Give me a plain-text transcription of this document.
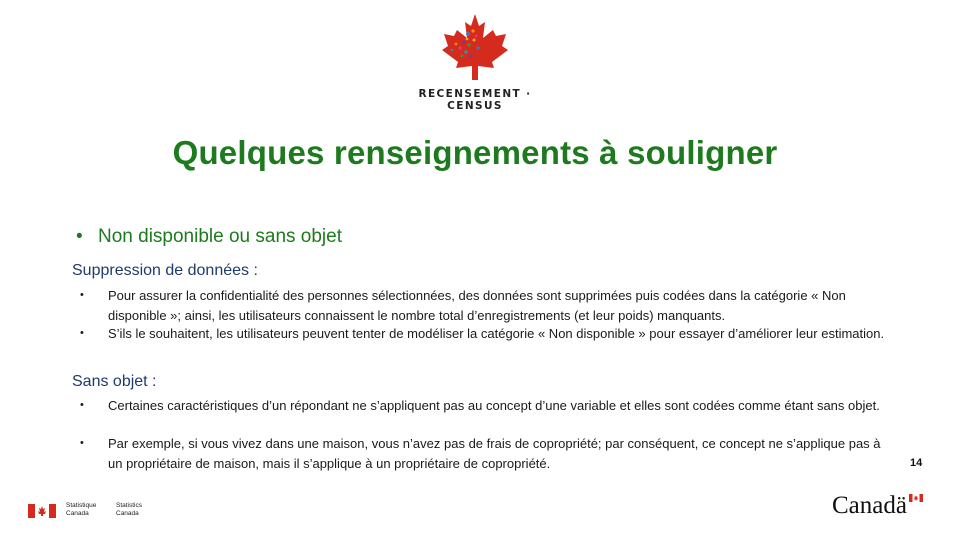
RECENSEMENT · CENSUS
Quelques renseignements à souligner
• Non disponible ou sans objet
Suppression de données :
• Pour assurer la confidentialité des personnes sélectionnées, des données sont supprimées puis codées dans la catégorie « Non disponible »; ainsi, les utilisateurs connaissent le nombre total d’enregistrements (et leur poids) manquants.
• S’ils le souhaitent, les utilisateurs peuvent tenter de modéliser la catégorie « Non disponible » pour essayer d’améliorer leur estimation.
Sans objet :
• Certaines caractéristiques d’un répondant ne s’appliquent pas au concept d’une variable et elles sont codées comme étant sans objet.
• Par exemple, si vous vivez dans une maison, vous n’avez pas de frais de copropriété; par conséquent, ce concept ne s’applique pas à un propriétaire de maison, mais il s’applique à un propriétaire de copropriété.	14
Statistique Canada
Statistics Canada	Canadä
